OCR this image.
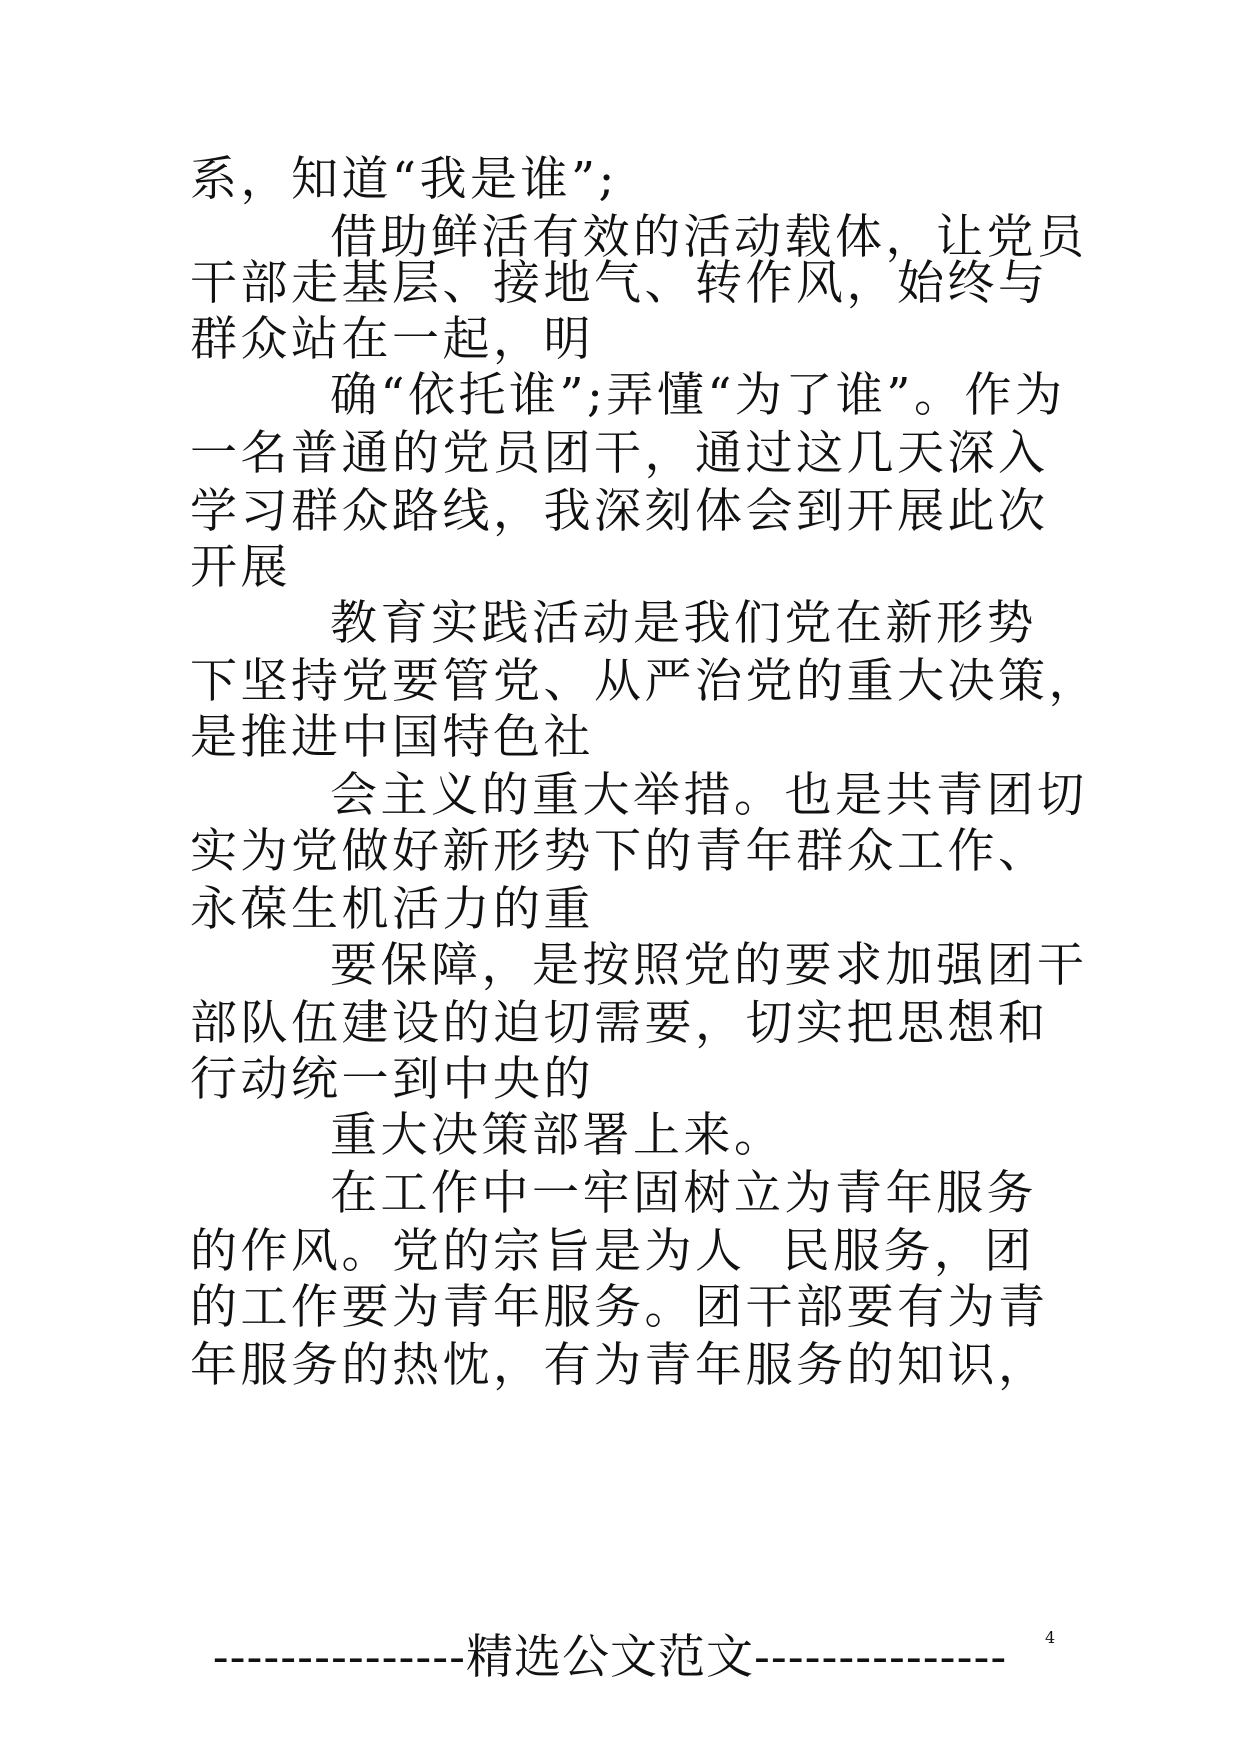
系，知道“我是谁”;
借助鲜活有效的活动载体，让党员
干部走基层、接地气、转作风，始终与
群众站在一起，明
确“依托谁”;弄懂“为了谁”。作为
一名普通的党员团干，通过这几天深入
学习群众路线，我深刻体会到开展此次
开展
教育实践活动是我们党在新形势
下坚持党要管党、从严治党的重大决策，
是推进中国特色社
会主义的重大举措。也是共青团切
实为党做好新形势下的青年群众工作、
永葆生机活力的重
要保障，是按照党的要求加强团干
部队伍建设的迫切需要，切实把思想和
行动统一到中央的
重大决策部署上来。
在工作中一牢固树立为青年服务
的作风。党的宗旨是为人  民服务，团
的工作要为青年服务。团干部要有为青
年服务的热忱，有为青年服务的知识，
4
---------------精选公文范文---------------
